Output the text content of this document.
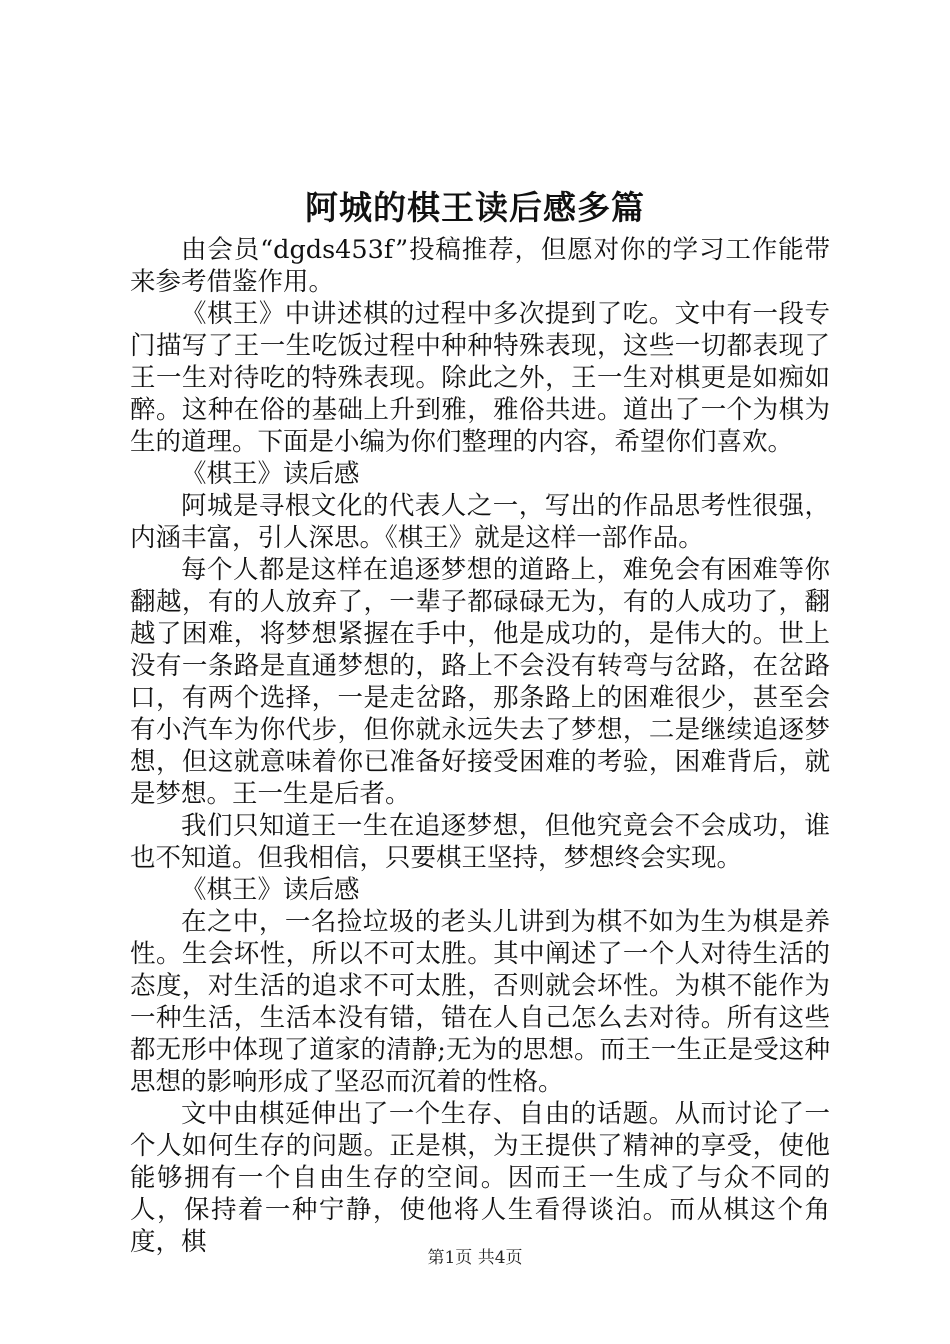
阿城的棋王读后感多篇

由会员“dgds453f”投稿推荐，但愿对你的学习工作能带来参考借鉴作用。

《棋王》中讲述棋的过程中多次提到了吃。文中有一段专门描写了王一生吃饭过程中种种特殊表现，这些一切都表现了王一生对待吃的特殊表现。除此之外，王一生对棋更是如痴如醉。这种在俗的基础上升到雅，雅俗共进。道出了一个为棋为生的道理。下面是小编为你们整理的内容，希望你们喜欢。

《棋王》读后感

阿城是寻根文化的代表人之一，写出的作品思考性很强，内涵丰富，引人深思。《棋王》就是这样一部作品。

每个人都是这样在追逐梦想的道路上，难免会有困难等你翻越，有的人放弃了，一辈子都碌碌无为，有的人成功了，翻越了困难，将梦想紧握在手中，他是成功的，是伟大的。世上没有一条路是直通梦想的，路上不会没有转弯与岔路，在岔路口，有两个选择，一是走岔路，那条路上的困难很少，甚至会有小汽车为你代步，但你就永远失去了梦想，二是继续追逐梦想，但这就意味着你已准备好接受困难的考验，困难背后，就是梦想。王一生是后者。

我们只知道王一生在追逐梦想，但他究竟会不会成功，谁也不知道。但我相信，只要棋王坚持，梦想终会实现。

《棋王》读后感

在之中，一名捡垃圾的老头儿讲到为棋不如为生为棋是养性。生会坏性，所以不可太胜。其中阐述了一个人对待生活的态度，对生活的追求不可太胜，否则就会坏性。为棋不能作为一种生活，生活本没有错，错在人自己怎么去对待。所有这些都无形中体现了道家的清静;无为的思想。而王一生正是受这种思想的影响形成了坚忍而沉着的性格。

文中由棋延伸出了一个生存、自由的话题。从而讨论了一个人如何生存的问题。正是棋，为王提供了精神的享受，使他能够拥有一个自由生存的空间。因而王一生成了与众不同的人，保持着一种宁静，使他将人生看得谈泊。而从棋这个角度，棋

第1页 共4页
